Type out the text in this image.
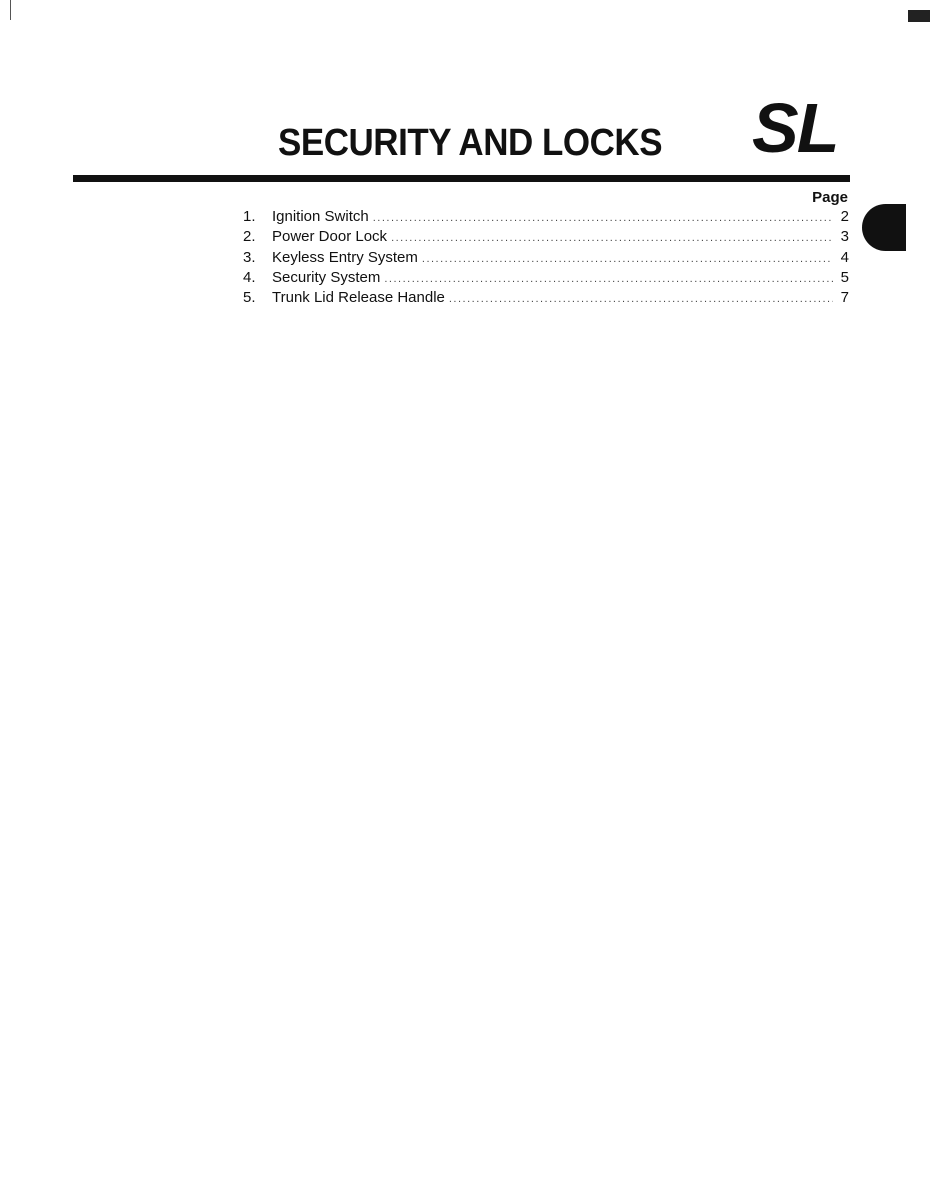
SECURITY AND LOCKS SL
Page
1.	Ignition Switch .....	2
2.	Power Door Lock .....	3
3.	Keyless Entry System .....	4
4.	Security System .....	5
5.	Trunk Lid Release Handle .....	7
